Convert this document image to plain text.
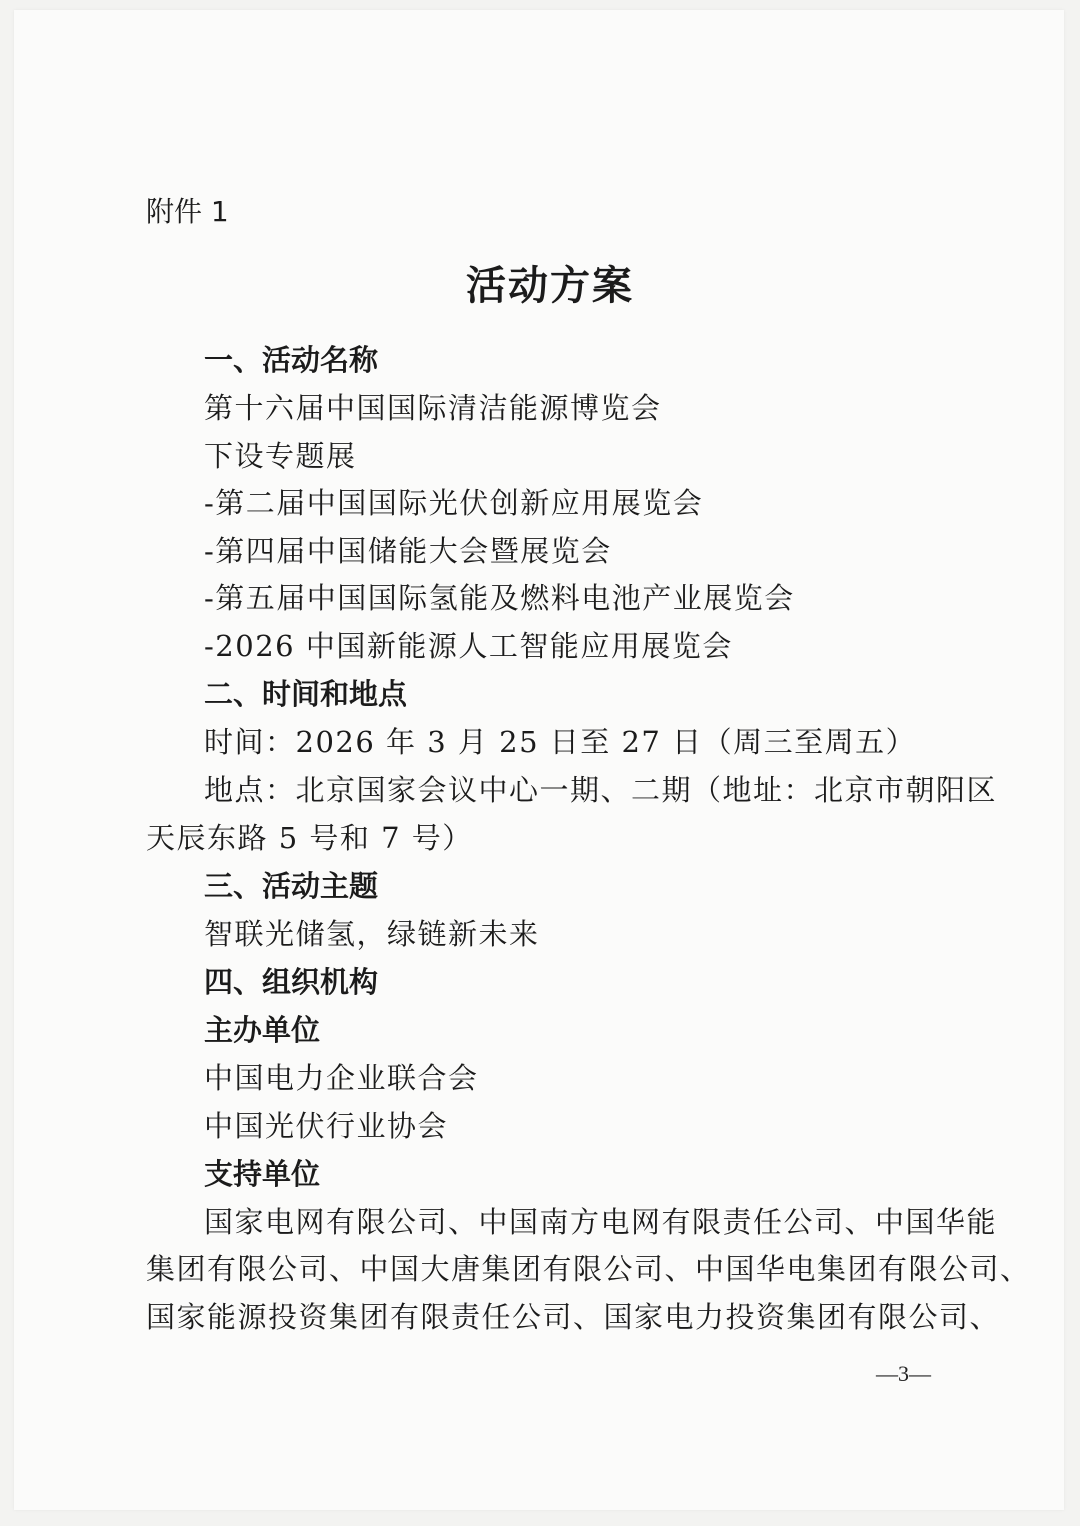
附件 1
活动方案
一、活动名称
第十六届中国国际清洁能源博览会
下设专题展
-第二届中国国际光伏创新应用展览会
-第四届中国储能大会暨展览会
-第五届中国国际氢能及燃料电池产业展览会
-2026 中国新能源人工智能应用展览会
二、时间和地点
时间：2026 年 3 月 25 日至 27 日（周三至周五）
地点：北京国家会议中心一期、二期（地址：北京市朝阳区
天辰东路 5 号和 7 号）
三、活动主题
智联光储氢，绿链新未来
四、组织机构
主办单位
中国电力企业联合会
中国光伏行业协会
支持单位
国家电网有限公司、中国南方电网有限责任公司、中国华能
集团有限公司、中国大唐集团有限公司、中国华电集团有限公司、
国家能源投资集团有限责任公司、国家电力投资集团有限公司、
—3—
